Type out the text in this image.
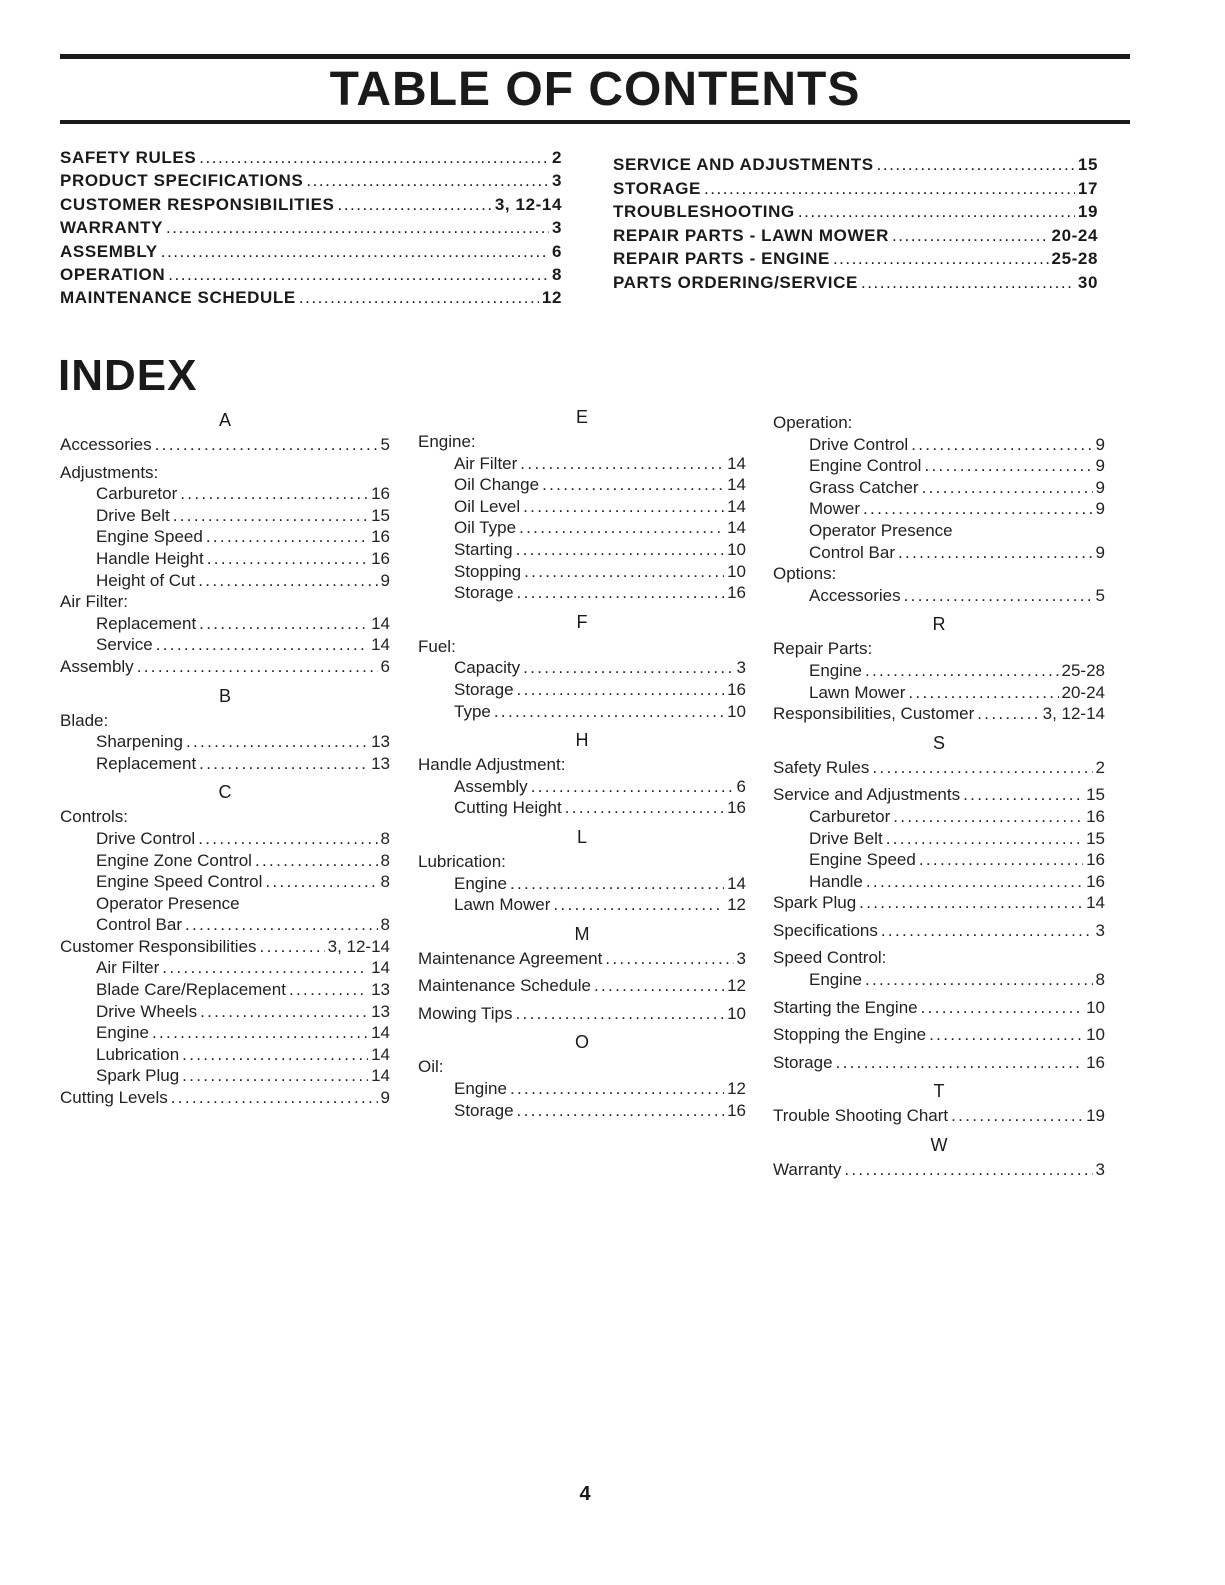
TABLE OF CONTENTS
SAFETY RULES . . .	2
PRODUCT SPECIFICATIONS . . .	3
CUSTOMER RESPONSIBILITIES . . .	3, 12-14
WARRANTY . . .	3
ASSEMBLY . . .	6
OPERATION . . .	8
MAINTENANCE SCHEDULE . . .	12
SERVICE AND ADJUSTMENTS . . .	15
STORAGE . . .	17
TROUBLESHOOTING . . .	19
REPAIR PARTS - LAWN MOWER . . .	20-24
REPAIR PARTS - ENGINE . . .	25-28
PARTS ORDERING/SERVICE . . .	30
INDEX
A
Accessories . . .	5
Adjustments:
Carburetor . . .	16
Drive Belt . . .	15
Engine Speed . . .	16
Handle Height . . .	16
Height of Cut . . .	9
Air Filter:
Replacement . . .	14
Service . . .	14
Assembly . . .	6
B
Blade:
Sharpening . . .	13
Replacement . . .	13
C
Controls:
Drive Control . . .	8
Engine Zone Control . . .	8
Engine Speed Control . . .	8
Operator Presence
Control Bar . . .	8
Customer Responsibilities . . .	3, 12-14
Air Filter . . .	14
Blade Care/Replacement . . .	13
Drive Wheels . . .	13
Engine . . .	14
Lubrication . . .	14
Spark Plug . . .	14
Cutting Levels . . .	9
E
Engine:
Air Filter . . .	14
Oil Change . . .	14
Oil Level . . .	14
Oil Type . . .	14
Starting . . .	10
Stopping . . .	10
Storage . . .	16
F
Fuel:
Capacity . . .	3
Storage . . .	16
Type . . .	10
H
Handle Adjustment:
Assembly . . .	6
Cutting Height . . .	16
L
Lubrication:
Engine . . .	14
Lawn Mower . . .	12
M
Maintenance Agreement . . .	3
Maintenance Schedule . . .	12
Mowing Tips . . .	10
O
Oil:
Engine . . .	12
Storage . . .	16
Operation:
Drive Control . . .	9
Engine Control . . .	9
Grass Catcher . . .	9
Mower . . .	9
Operator Presence
Control Bar . . .	9
Options:
Accessories . . .	5
R
Repair Parts:
Engine . . .	25-28
Lawn Mower . . .	20-24
Responsibilities, Customer . . .	3, 12-14
S
Safety Rules . . .	2
Service and Adjustments . . .	15
Carburetor . . .	16
Drive Belt . . .	15
Engine Speed . . .	16
Handle . . .	16
Spark Plug . . .	14
Specifications . . .	3
Speed Control:
Engine . . .	8
Starting the Engine . . .	10
Stopping the Engine . . .	10
Storage . . .	16
T
Trouble Shooting Chart . . .	19
W
Warranty . . .	3
4
